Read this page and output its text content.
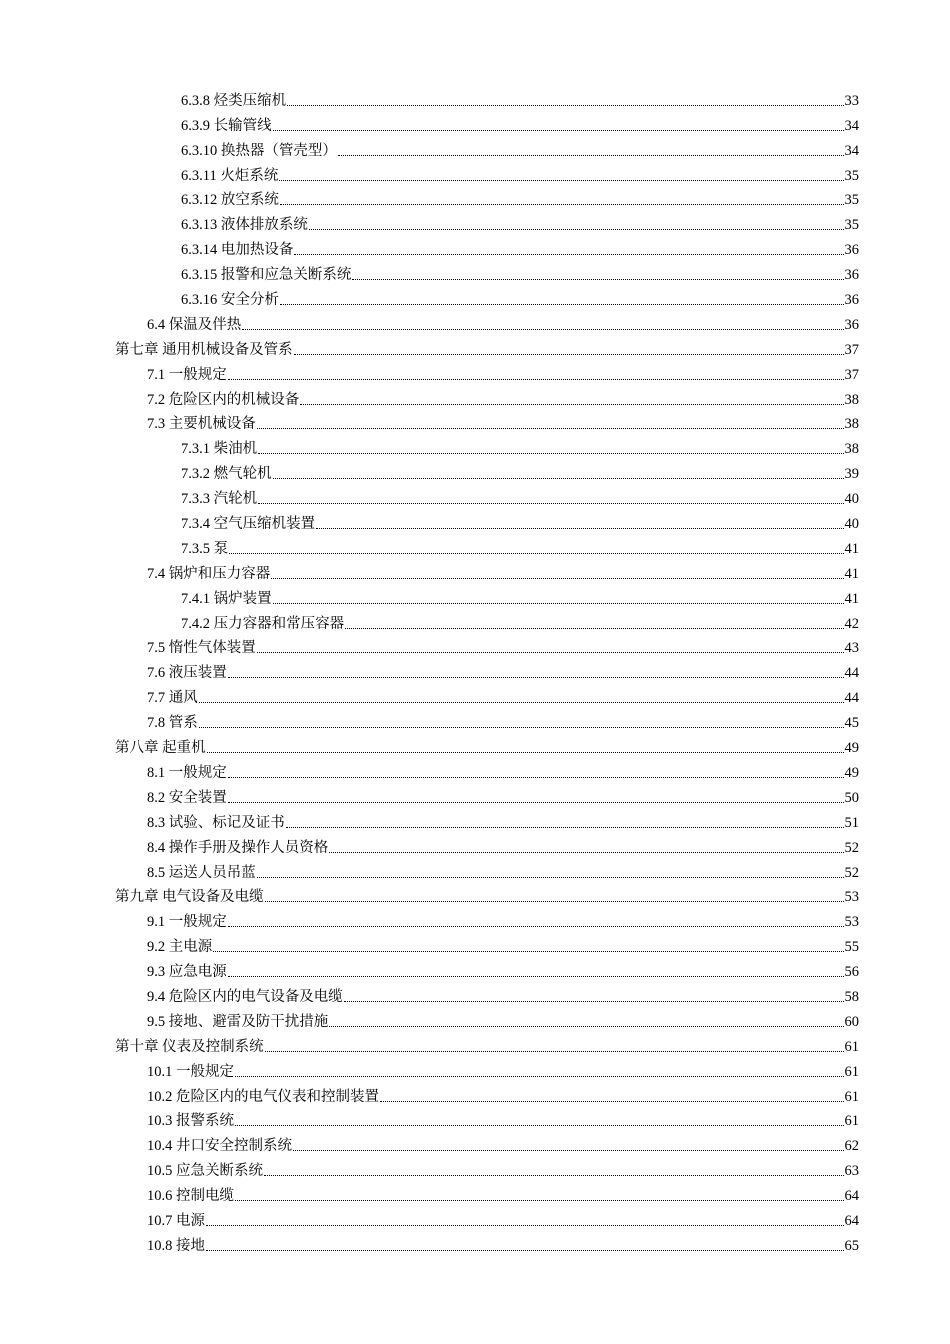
6.3.8 烃类压缩机	33
6.3.9 长输管线	34
6.3.10 换热器（管壳型）	34
6.3.11 火炬系统	35
6.3.12 放空系统	35
6.3.13 液体排放系统	35
6.3.14 电加热设备	36
6.3.15 报警和应急关断系统	36
6.3.16 安全分析	36
6.4 保温及伴热	36
第七章 通用机械设备及管系	37
7.1 一般规定	37
7.2 危险区内的机械设备	38
7.3 主要机械设备	38
7.3.1 柴油机	38
7.3.2 燃气轮机	39
7.3.3 汽轮机	40
7.3.4 空气压缩机装置	40
7.3.5 泵	41
7.4 锅炉和压力容器	41
7.4.1 锅炉装置	41
7.4.2 压力容器和常压容器	42
7.5 惰性气体装置	43
7.6 液压装置	44
7.7 通风	44
7.8 管系	45
第八章 起重机	49
8.1 一般规定	49
8.2 安全装置	50
8.3 试验、标记及证书	51
8.4 操作手册及操作人员资格	52
8.5 运送人员吊蓝	52
第九章 电气设备及电缆	53
9.1 一般规定	53
9.2 主电源	55
9.3 应急电源	56
9.4 危险区内的电气设备及电缆	58
9.5 接地、避雷及防干扰措施	60
第十章 仪表及控制系统	61
10.1 一般规定	61
10.2 危险区内的电气仪表和控制装置	61
10.3 报警系统	61
10.4 井口安全控制系统	62
10.5 应急关断系统	63
10.6 控制电缆	64
10.7 电源	64
10.8 接地	65
